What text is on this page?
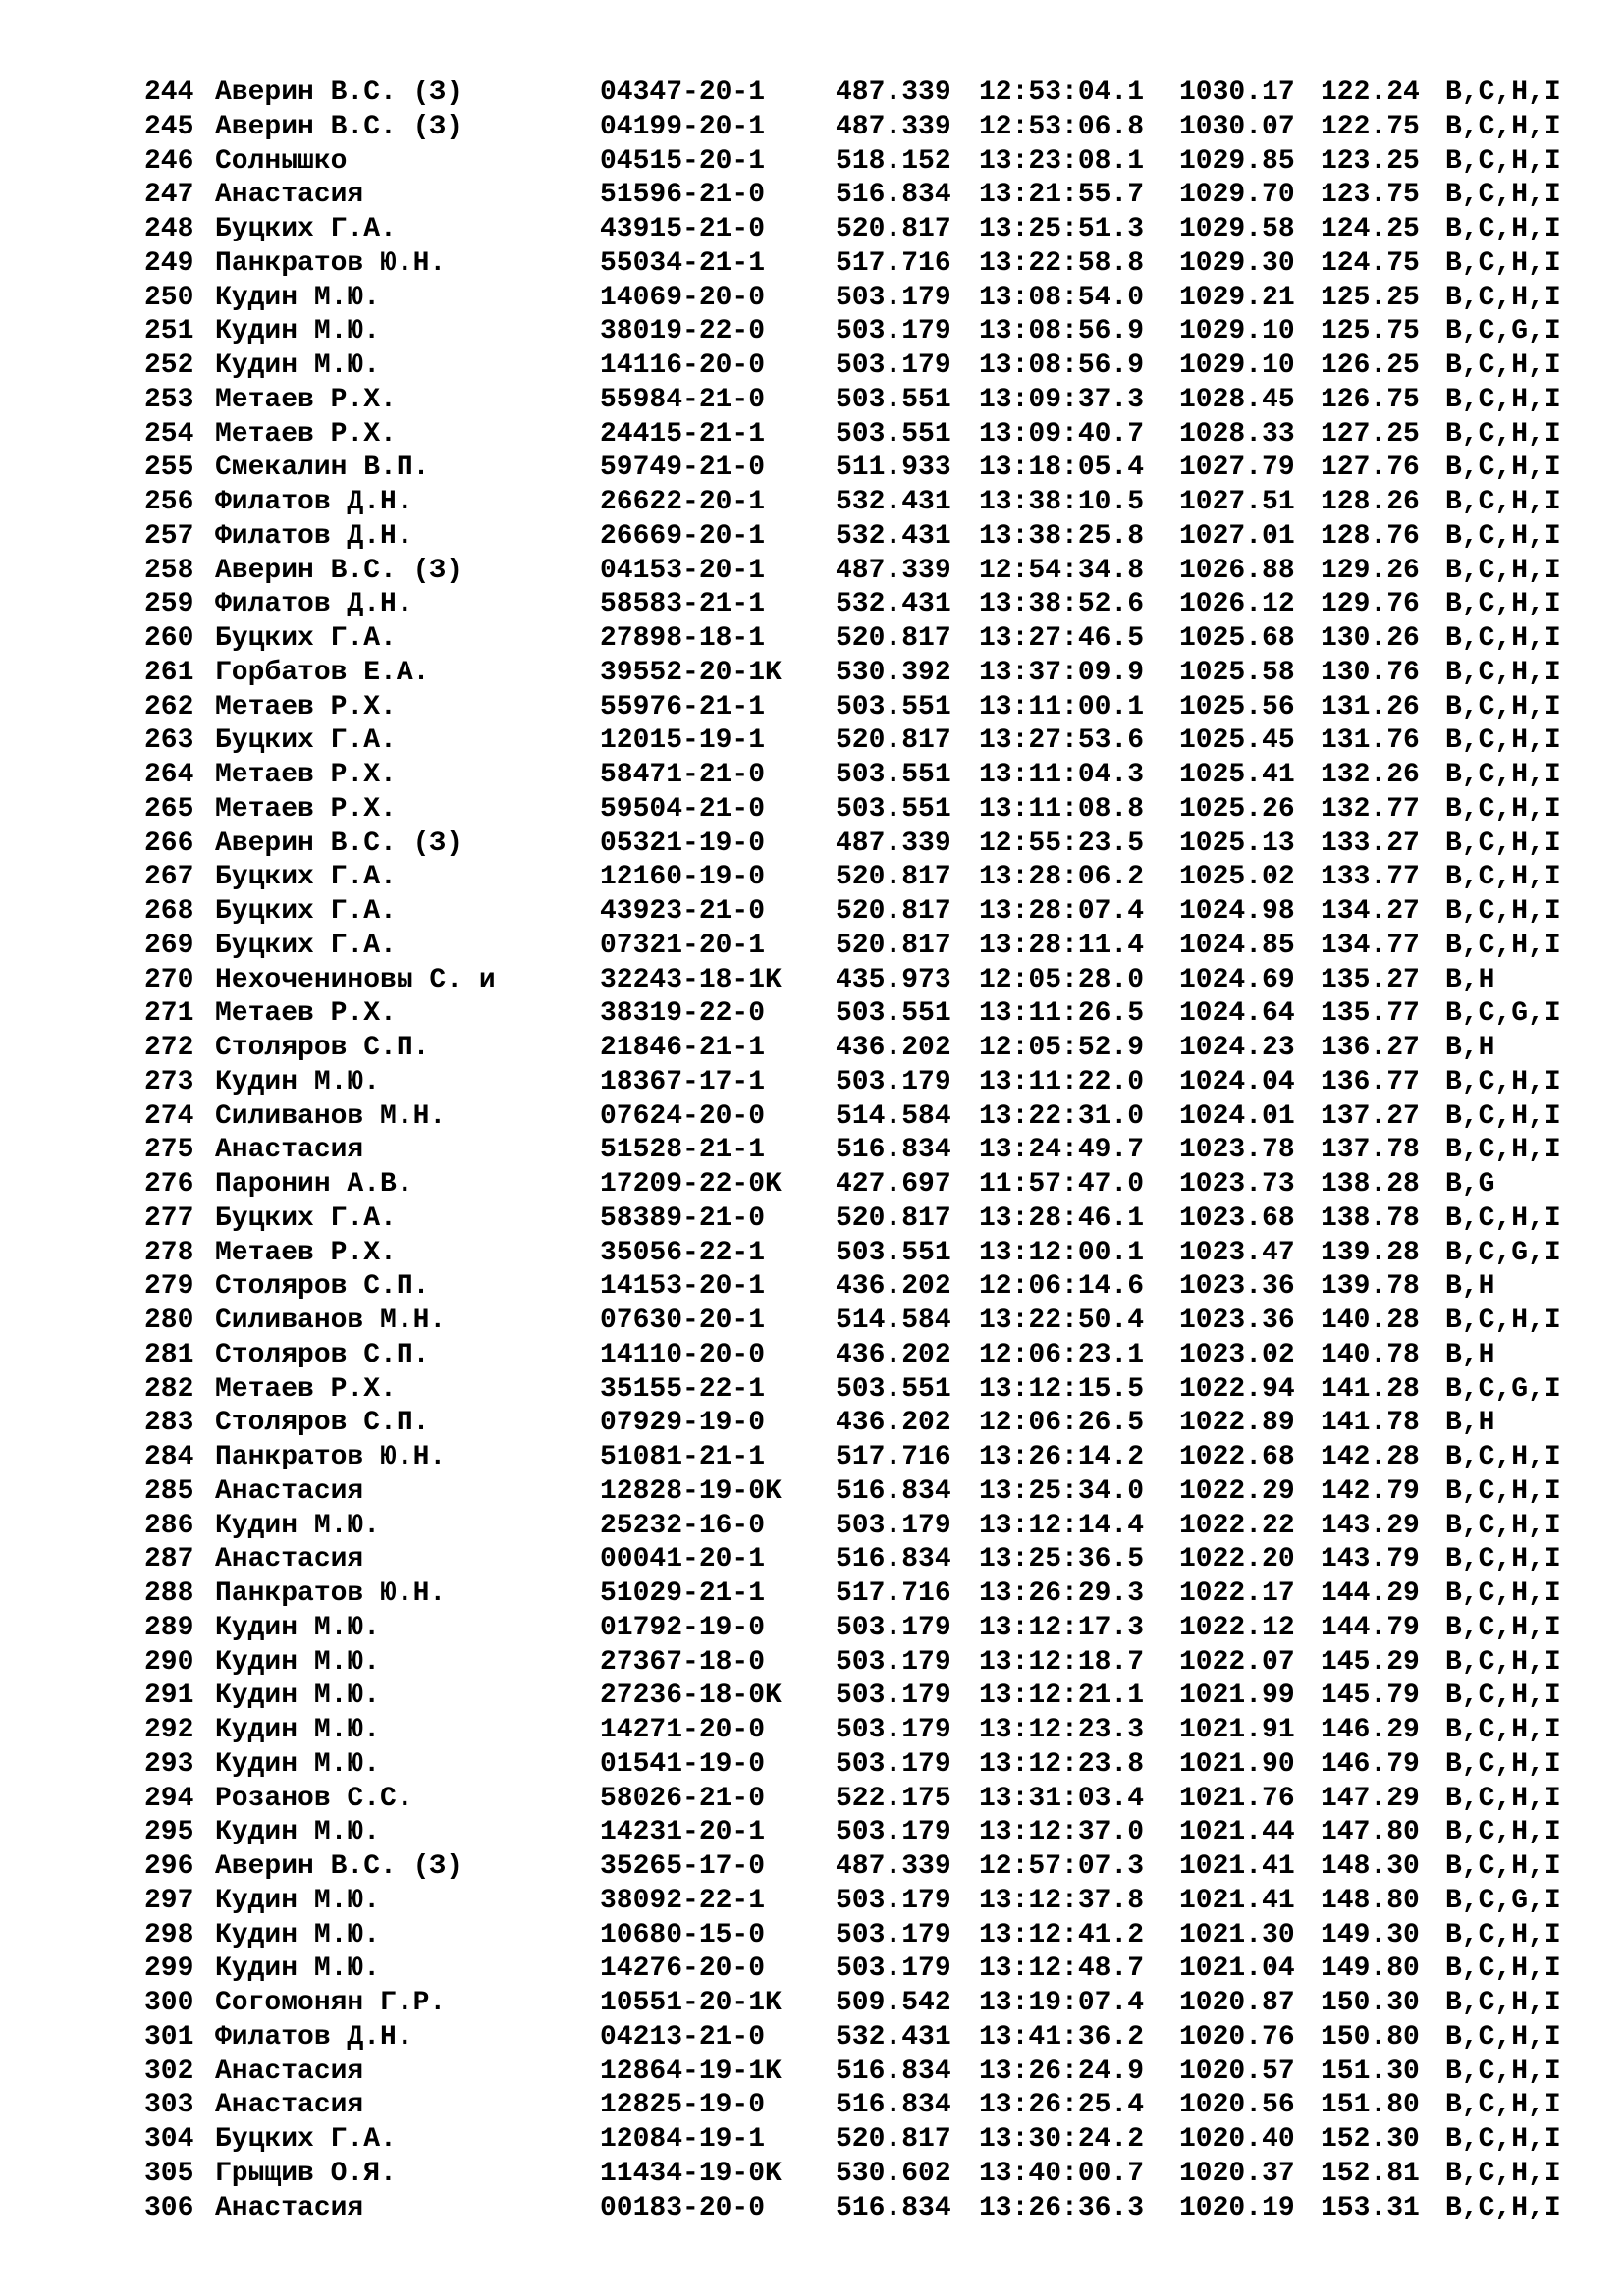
244 Аверин В.С. (З)	04347-20-1	487.339 12:53:04.1 1030.17 122.24 B,C,H,I
245 Аверин В.С. (З)	04199-20-1	487.339 12:53:06.8 1030.07 122.75 B,C,H,I
246 Солнышко	04515-20-1	518.152 13:23:08.1 1029.85 123.25 B,C,H,I
247 Анастасия	51596-21-0	516.834 13:21:55.7 1029.70 123.75 B,C,H,I
248 Буцких Г.А.	43915-21-0	520.817 13:25:51.3 1029.58 124.25 B,C,H,I
249 Панкратов Ю.Н.	55034-21-1	517.716 13:22:58.8 1029.30 124.75 B,C,H,I
250 Кудин М.Ю.	14069-20-0	503.179 13:08:54.0 1029.21 125.25 B,C,H,I
251 Кудин М.Ю.	38019-22-0	503.179 13:08:56.9 1029.10 125.75 B,C,G,I
252 Кудин М.Ю.	14116-20-0	503.179 13:08:56.9 1029.10 126.25 B,C,H,I
253 Метаев Р.Х.	55984-21-0	503.551 13:09:37.3 1028.45 126.75 B,C,H,I
254 Метаев Р.Х.	24415-21-1	503.551 13:09:40.7 1028.33 127.25 B,C,H,I
255 Смекалин В.П.	59749-21-0	511.933 13:18:05.4 1027.79 127.76 B,C,H,I
256 Филатов Д.Н.	26622-20-1	532.431 13:38:10.5 1027.51 128.26 B,C,H,I
257 Филатов Д.Н.	26669-20-1	532.431 13:38:25.8 1027.01 128.76 B,C,H,I
258 Аверин В.С. (З)	04153-20-1	487.339 12:54:34.8 1026.88 129.26 B,C,H,I
259 Филатов Д.Н.	58583-21-1	532.431 13:38:52.6 1026.12 129.76 B,C,H,I
260 Буцких Г.А.	27898-18-1	520.817 13:27:46.5 1025.68 130.26 B,C,H,I
261 Горбатов Е.А.	39552-20-1K 530.392 13:37:09.9 1025.58 130.76 B,C,H,I
262 Метаев Р.Х.	55976-21-1	503.551 13:11:00.1 1025.56 131.26 B,C,H,I
263 Буцких Г.А.	12015-19-1	520.817 13:27:53.6 1025.45 131.76 B,C,H,I
264 Метаев Р.Х.	58471-21-0	503.551 13:11:04.3 1025.41 132.26 B,C,H,I
265 Метаев Р.Х.	59504-21-0	503.551 13:11:08.8 1025.26 132.77 B,C,H,I
266 Аверин В.С. (З)	05321-19-0	487.339 12:55:23.5 1025.13 133.27 B,C,H,I
267 Буцких Г.А.	12160-19-0	520.817 13:28:06.2 1025.02 133.77 B,C,H,I
268 Буцких Г.А.	43923-21-0	520.817 13:28:07.4 1024.98 134.27 B,C,H,I
269 Буцких Г.А.	07321-20-1	520.817 13:28:11.4 1024.85 134.77 B,C,H,I
270 Нехочениновы С. и	32243-18-1K 435.973 12:05:28.0 1024.69 135.27 B,H
271 Метаев Р.Х.	38319-22-0	503.551 13:11:26.5 1024.64 135.77 B,C,G,I
272 Столяров С.П.	21846-21-1	436.202 12:05:52.9 1024.23 136.27 B,H
273 Кудин М.Ю.	18367-17-1	503.179 13:11:22.0 1024.04 136.77 B,C,H,I
274 Силиванов М.Н.	07624-20-0	514.584 13:22:31.0 1024.01 137.27 B,C,H,I
275 Анастасия	51528-21-1	516.834 13:24:49.7 1023.78 137.78 B,C,H,I
276 Паронин А.В.	17209-22-0K 427.697 11:57:47.0 1023.73 138.28 B,G
277 Буцких Г.А.	58389-21-0	520.817 13:28:46.1 1023.68 138.78 B,C,H,I
278 Метаев Р.Х.	35056-22-1	503.551 13:12:00.1 1023.47 139.28 B,C,G,I
279 Столяров С.П.	14153-20-1	436.202 12:06:14.6 1023.36 139.78 B,H
280 Силиванов М.Н.	07630-20-1	514.584 13:22:50.4 1023.36 140.28 B,C,H,I
281 Столяров С.П.	14110-20-0	436.202 12:06:23.1 1023.02 140.78 B,H
282 Метаев Р.Х.	35155-22-1	503.551 13:12:15.5 1022.94 141.28 B,C,G,I
283 Столяров С.П.	07929-19-0	436.202 12:06:26.5 1022.89 141.78 B,H
284 Панкратов Ю.Н.	51081-21-1	517.716 13:26:14.2 1022.68 142.28 B,C,H,I
285 Анастасия	12828-19-0K 516.834 13:25:34.0 1022.29 142.79 B,C,H,I
286 Кудин М.Ю.	25232-16-0	503.179 13:12:14.4 1022.22 143.29 B,C,H,I
287 Анастасия	00041-20-1	516.834 13:25:36.5 1022.20 143.79 B,C,H,I
288 Панкратов Ю.Н.	51029-21-1	517.716 13:26:29.3 1022.17 144.29 B,C,H,I
289 Кудин М.Ю.	01792-19-0	503.179 13:12:17.3 1022.12 144.79 B,C,H,I
290 Кудин М.Ю.	27367-18-0	503.179 13:12:18.7 1022.07 145.29 B,C,H,I
291 Кудин М.Ю.	27236-18-0K 503.179 13:12:21.1 1021.99 145.79 B,C,H,I
292 Кудин М.Ю.	14271-20-0	503.179 13:12:23.3 1021.91 146.29 B,C,H,I
293 Кудин М.Ю.	01541-19-0	503.179 13:12:23.8 1021.90 146.79 B,C,H,I
294 Розанов С.С.	58026-21-0	522.175 13:31:03.4 1021.76 147.29 B,C,H,I
295 Кудин М.Ю.	14231-20-1	503.179 13:12:37.0 1021.44 147.80 B,C,H,I
296 Аверин В.С. (З)	35265-17-0	487.339 12:57:07.3 1021.41 148.30 B,C,H,I
297 Кудин М.Ю.	38092-22-1	503.179 13:12:37.8 1021.41 148.80 B,C,G,I
298 Кудин М.Ю.	10680-15-0	503.179 13:12:41.2 1021.30 149.30 B,C,H,I
299 Кудин М.Ю.	14276-20-0	503.179 13:12:48.7 1021.04 149.80 B,C,H,I
300 Согомонян Г.Р.	10551-20-1K 509.542 13:19:07.4 1020.87 150.30 B,C,H,I
301 Филатов Д.Н.	04213-21-0	532.431 13:41:36.2 1020.76 150.80 B,C,H,I
302 Анастасия	12864-19-1K 516.834 13:26:24.9 1020.57 151.30 B,C,H,I
303 Анастасия	12825-19-0	516.834 13:26:25.4 1020.56 151.80 B,C,H,I
304 Буцких Г.А.	12084-19-1	520.817 13:30:24.2 1020.40 152.30 B,C,H,I
305 Грыщив О.Я.	11434-19-0K 530.602 13:40:00.7 1020.37 152.81 B,C,H,I
306 Анастасия	00183-20-0	516.834 13:26:36.3 1020.19 153.31 B,C,H,I
